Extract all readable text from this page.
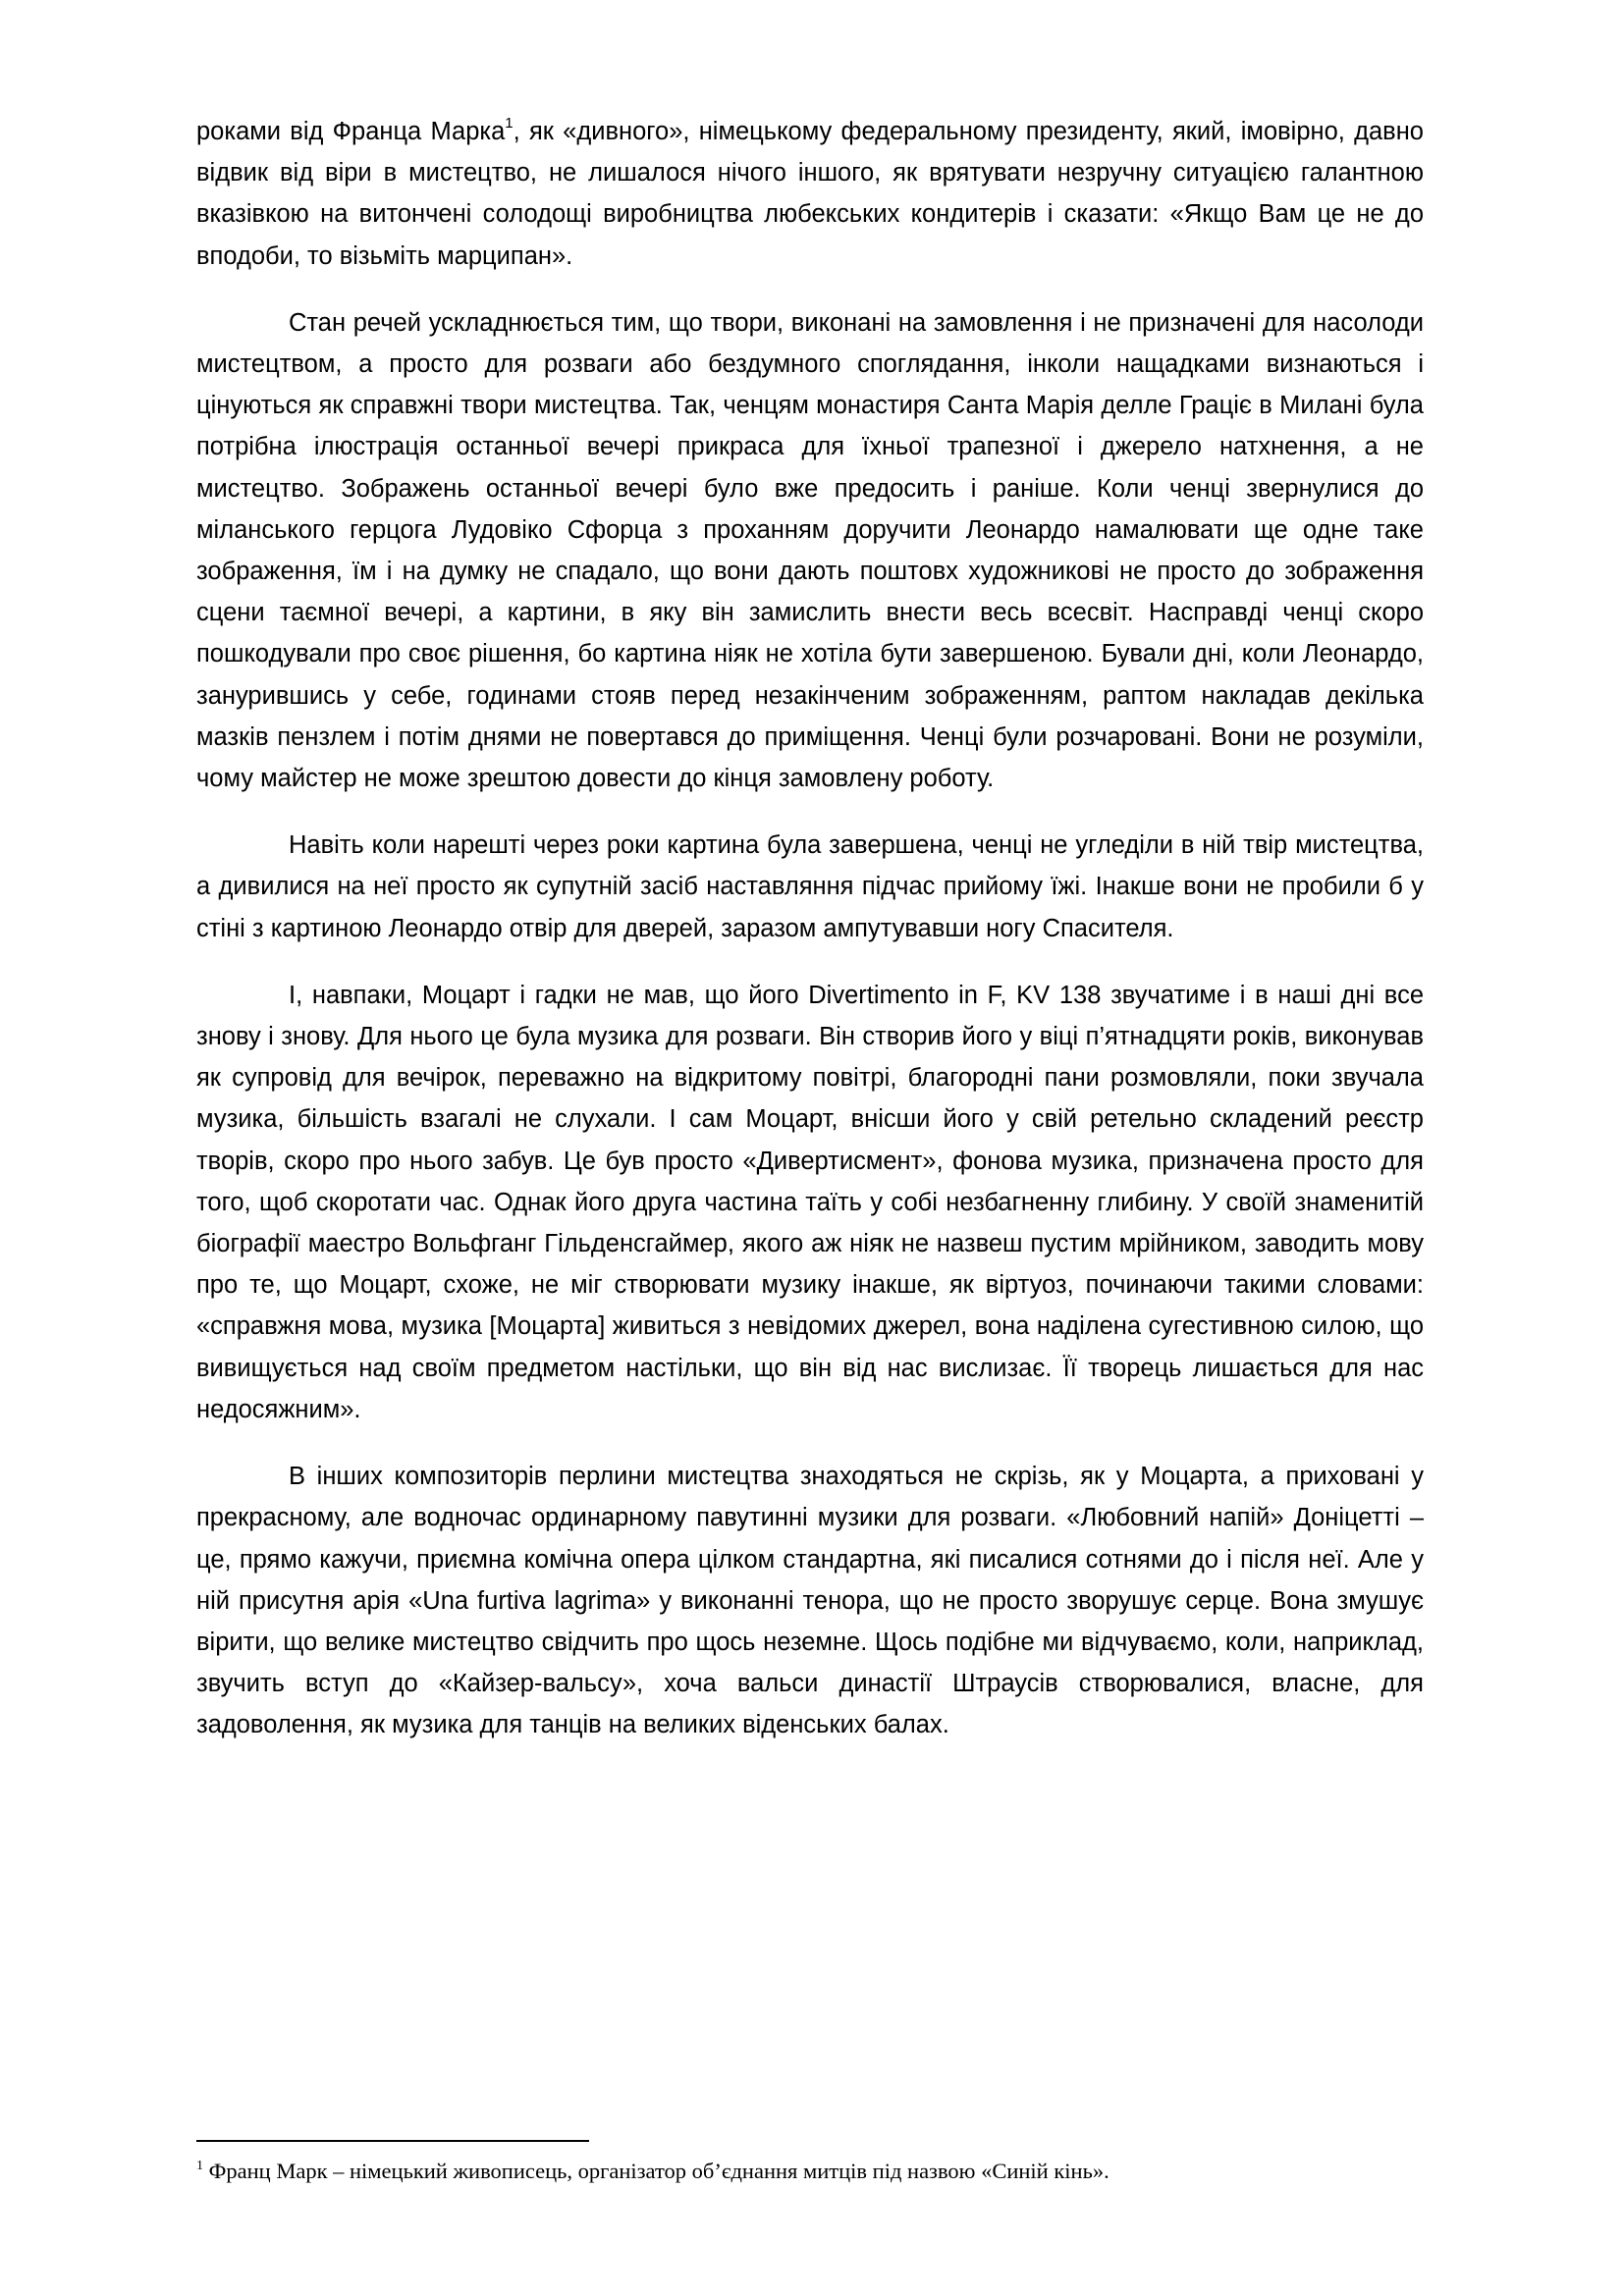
роками від Франца Марка$^1$, як «дивного», німецькому федеральному президенту, який, імовірно, давно відвик від віри в мистецтво, не лишалося нічого іншого, як врятувати незручну ситуацією галантною вказівкою на витончені солодощі виробництва любекських кондитерів і сказати: «Якщо Вам це не до вподоби, то візьміть марципан».

Стан речей ускладнюється тим, що твори, виконані на замовлення і не призначені для насолоди мистецтвом, а просто для розваги або бездумного споглядання, інколи нащадками визнаються і цінуються як справжні твори мистецтва. Так, ченцям монастиря Санта Марія делле Граціє в Милані була потрібна ілюстрація останньої вечері прикраса для їхньої трапезної і джерело натхнення, а не мистецтво. Зображень останньої вечері було вже предосить і раніше. Коли ченці звернулися до міланського герцога Лудовіко Сфорца з проханням доручити Леонардо намалювати ще одне таке зображення, їм і на думку не спадало, що вони дають поштовх художникові не просто до зображення сцени таємної вечері, а картини, в яку він замислить внести весь всесвіт. Насправді ченці скоро пошкодували про своє рішення, бо картина ніяк не хотіла бути завершеною. Бували дні, коли Леонардо, занурившись у себе, годинами стояв перед незакінченим зображенням, раптом накладав декілька мазків пензлем і потім днями не повертався до приміщення. Ченці були розчаровані. Вони не розуміли, чому майстер не може зрештою довести до кінця замовлену роботу.

Навіть коли нарешті через роки картина була завершена, ченці не угледіли в ній твір мистецтва, а дивилися на неї просто як супутній засіб наставляння підчас прийому їжі. Інакше вони не пробили б у стіні з картиною Леонардо отвір для дверей, заразом ампутувавши ногу Спасителя.

І, навпаки, Моцарт і гадки не мав, що його Divertimento in F, KV 138 звучатиме і в наші дні все знову і знову. Для нього це була музика для розваги. Він створив його у віці п’ятнадцяти років, виконував як супровід для вечірок, переважно на відкритому повітрі, благородні пани розмовляли, поки звучала музика, більшість взагалі не слухали. І сам Моцарт, внісши його у свій ретельно складений реєстр творів, скоро про нього забув. Це був просто «Дивертисмент», фонова музика, призначена просто для того, щоб скоротати час. Однак його друга частина таїть у собі незбагненну глибину. У своїй знаменитій біографії маестро Вольфганг Гільденсгаймер, якого аж ніяк не назвеш пустим мрійником, заводить мову про те, що Моцарт, схоже, не міг створювати музику інакше, як віртуоз, починаючи такими словами: «справжня мова, музика [Моцарта] живиться з невідомих джерел, вона наділена сугестивною силою, що вивищується над своїм предметом настільки, що він від нас вислизає. Її творець лишається для нас недосяжним».

В інших композиторів перлини мистецтва знаходяться не скрізь, як у Моцарта, а приховані у прекрасному, але водночас ординарному павутинні музики для розваги. «Любовний напій» Доніцетті – це, прямо кажучи, приємна комічна опера цілком стандартна, які писалися сотнями до і після неї. Але у ній присутня арія «Una furtiva lagrima» у виконанні тенора, що не просто зворушує серце. Вона змушує вірити, що велике мистецтво свідчить про щось неземне. Щось подібне ми відчуваємо, коли, наприклад, звучить вступ до «Кайзер-вальсу», хоча вальси династії Штраусів створювалися, власне, для задоволення, як музика для танців на великих віденських балах.

$^1$ Франц Марк – німецький живописець, організатор об’єднання митців під назвою «Синій кінь».
